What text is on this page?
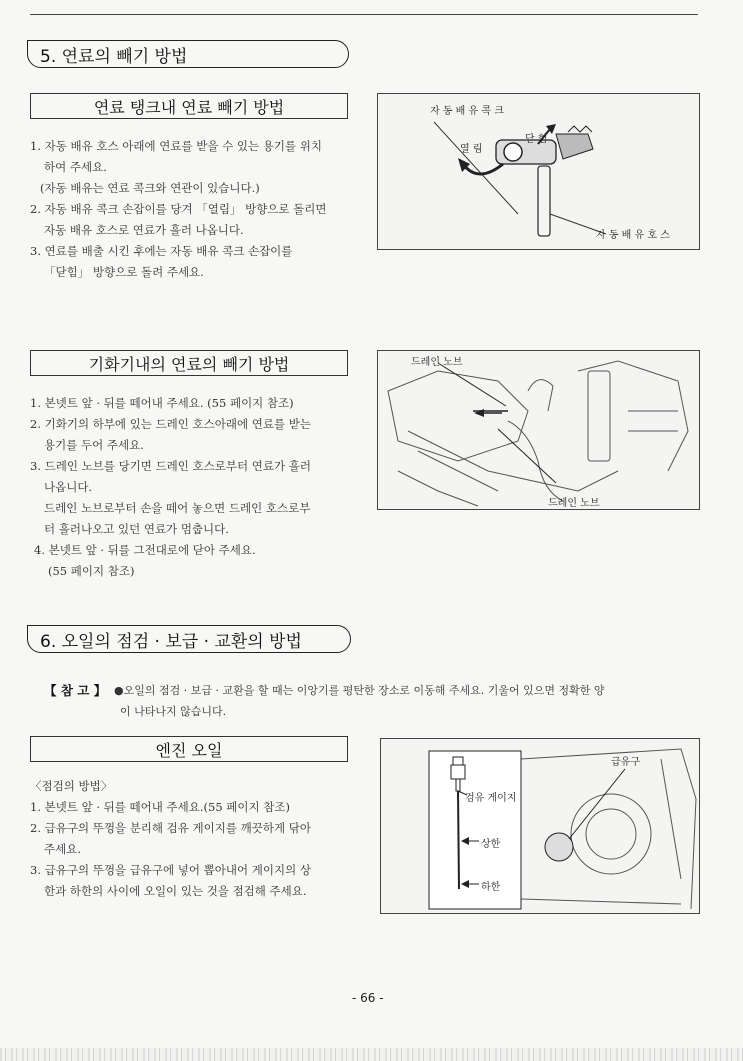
5. 연료의 빼기 방법
연료 탱크내 연료 빼기 방법
1. 자동 배유 호스 아래에 연료를 받을 수 있는 용기를 위치
하여 주세요.
(자동 배유는 연료 콕크와 연관이 있습니다.)
2. 자동 배유 콕크 손잡이를 당겨 「열림」 방향으로 돌리면
자동 배유 호스로 연료가 흘러 나옵니다.
3. 연료를 배출 시킨 후에는 자동 배유 콕크 손잡이를
「닫힘」 방향으로 돌려 주세요.
자 동 배 유 콕 크
닫 힘
열 림
자 동 배 유 호 스
기화기내의 연료의 빼기 방법
1. 본넷트 앞 · 뒤를 떼어내 주세요. (55 페이지 참조)
2. 기화기의 하부에 있는 드레인 호스아래에 연료를 받는
용기를 두어 주세요.
3. 드레인 노브를 당기면 드레인 호스로부터 연료가 흘러
나옵니다.
드레인 노브로부터 손을 떼어 놓으면 드레인 호스로부
터 흘러나오고 있던 연료가 멈춥니다.
4. 본넷트 앞 · 뒤를 그전대로에 닫아 주세요.
(55 페이지 참조)
드레인 노브
드레인 노브
6. 오일의 점검 · 보급 · 교환의 방법
【 참 고 】 ●오일의 점검 · 보급 · 교환을 할 때는 이앙기를 평탄한 장소로 이동해 주세요. 기울어 있으면 정확한 양
이 나타나지 않습니다.
엔진 오일
〈점검의 방법〉
1. 본넷트 앞 · 뒤를 떼어내 주세요.(55 페이지 참조)
2. 급유구의 뚜껑을 분리해 검유 게이지를 깨끗하게 닦아
주세요.
3. 급유구의 뚜껑을 급유구에 넣어 뽑아내어 게이지의 상
한과 하한의 사이에 오일이 있는 것을 점검해 주세요.
급유구
검유 게이지
상한
하한
- 66 -
